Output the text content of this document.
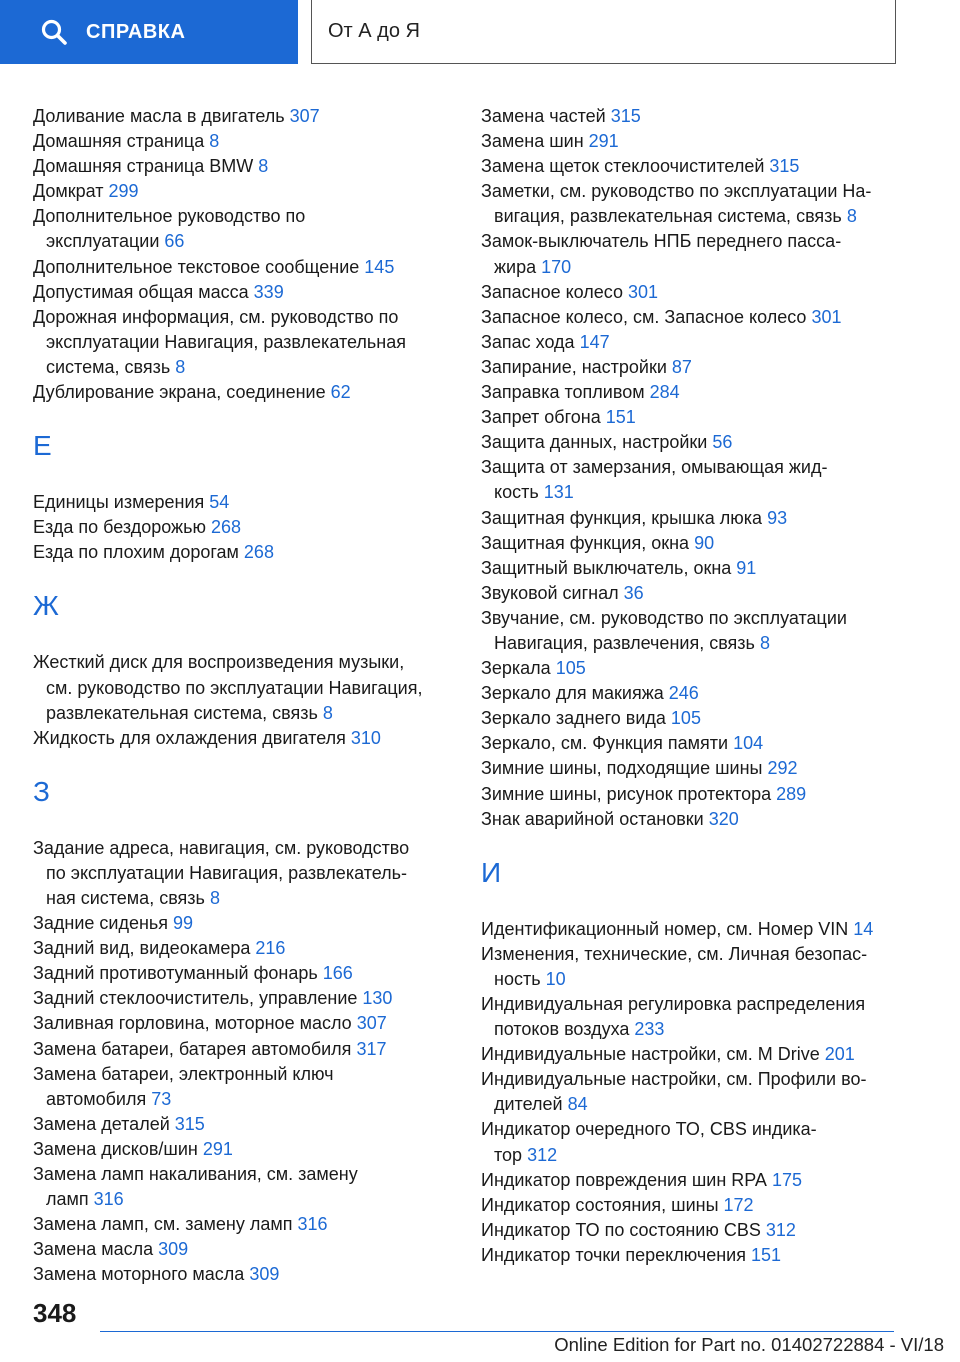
СПРАВКА	От А до Я
Доливание масла в двигатель 307
Домашняя страница 8
Домашняя страница BMW 8
Домкрат 299
Дополнительное руководство по
эксплуатации 66
Дополнительное текстовое сообщение 145
Допустимая общая масса 339
Дорожная информация, см. руководство по
эксплуатации Навигация, развлекательная
система, связь 8
Дублирование экрана, соединение 62
Е
Единицы измерения 54
Езда по бездорожью 268
Езда по плохим дорогам 268
Ж
Жесткий диск для воспроизведения музыки,
см. руководство по эксплуатации Навигация,
развлекательная система, связь 8
Жидкость для охлаждения двигателя 310
З
Задание адреса, навигация, см. руководство
по эксплуатации Навигация, развлекатель-
ная система, связь 8
Задние сиденья 99
Задний вид, видеокамера 216
Задний противотуманный фонарь 166
Задний стеклоочиститель, управление 130
Заливная горловина, моторное масло 307
Замена батареи, батарея автомобиля 317
Замена батареи, электронный ключ
автомобиля 73
Замена деталей 315
Замена дисков/шин 291
Замена ламп накаливания, см. замену
ламп 316
Замена ламп, см. замену ламп 316
Замена масла 309
Замена моторного масла 309
Замена частей 315
Замена шин 291
Замена щеток стеклоочистителей 315
Заметки, см. руководство по эксплуатации На-
вигация, развлекательная система, связь 8
Замок-выключатель НПБ переднего пасса-
жира 170
Запасное колесо 301
Запасное колесо, см. Запасное колесо 301
Запас хода 147
Запирание, настройки 87
Заправка топливом 284
Запрет обгона 151
Защита данных, настройки 56
Защита от замерзания, омывающая жид-
кость 131
Защитная функция, крышка люка 93
Защитная функция, окна 90
Защитный выключатель, окна 91
Звуковой сигнал 36
Звучание, см. руководство по эксплуатации
Навигация, развлечения, связь 8
Зеркала 105
Зеркало для макияжа 246
Зеркало заднего вида 105
Зеркало, см. Функция памяти 104
Зимние шины, подходящие шины 292
Зимние шины, рисунок протектора 289
Знак аварийной остановки 320
И
Идентификационный номер, см. Номер VIN 14
Изменения, технические, см. Личная безопас-
ность 10
Индивидуальная регулировка распределения
потоков воздуха 233
Индивидуальные настройки, см. M Drive 201
Индивидуальные настройки, см. Профили во-
дителей 84
Индикатор очередного ТО, CBS индика-
тор 312
Индикатор повреждения шин RPA 175
Индикатор состояния, шины 172
Индикатор ТО по состоянию CBS 312
Индикатор точки переключения 151
348
Online Edition for Part no. 01402722884 - VI/18
